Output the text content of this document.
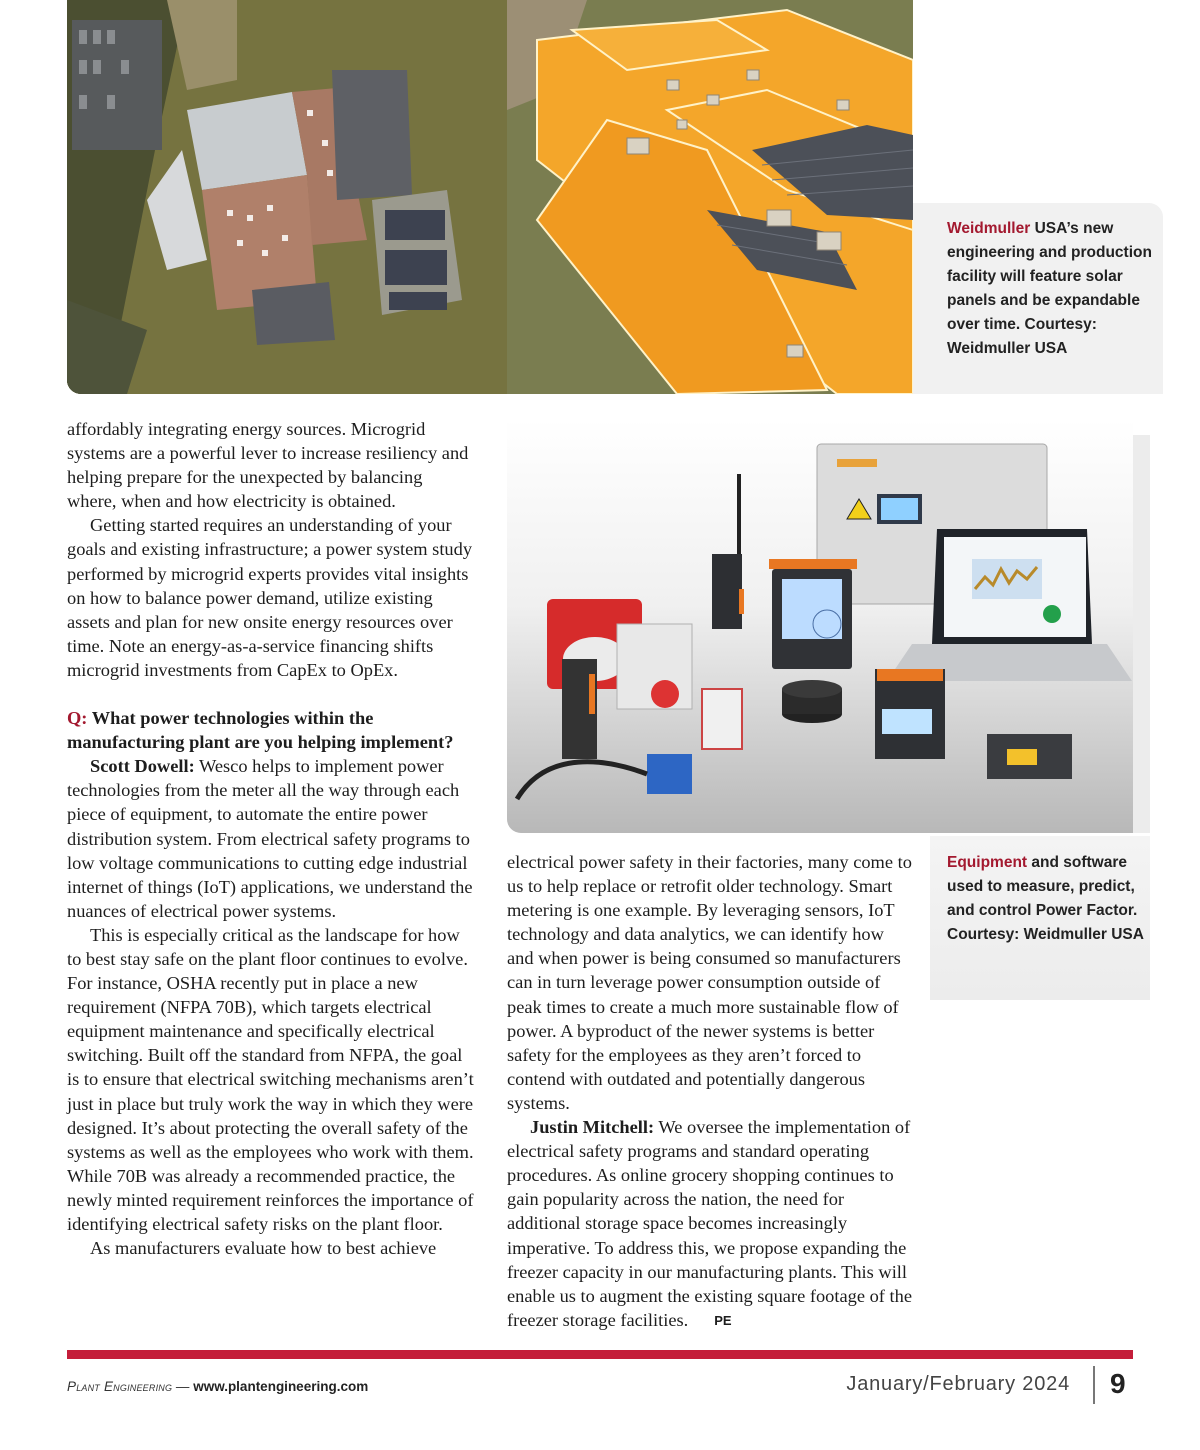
Weidmuller USA’s new engineering and production facility will feature solar panels and be expandable over time. Courtesy: Weidmuller USA
Equipment and software used to measure, predict, and control Power Factor. Courtesy: Weidmuller USA

affordably integrating energy sources. Microgrid systems are a powerful lever to increase resiliency and helping prepare for the unexpected by balancing where, when and how electricity is obtained.

Getting started requires an understanding of your goals and existing infrastructure; a power system study performed by microgrid experts provides vital insights on how to balance power demand, utilize existing assets and plan for new onsite energy resources over time. Note an energy-as-a-service financing shifts microgrid investments from CapEx to OpEx.

Q: What power technologies within the manufacturing plant are you helping implement?

Scott Dowell: Wesco helps to implement power technologies from the meter all the way through each piece of equipment, to automate the entire power distribution system. From electrical safety programs to low voltage communications to cutting edge industrial internet of things (IoT) applications, we understand the nuances of electrical power systems.

This is especially critical as the landscape for how to best stay safe on the plant floor continues to evolve. For instance, OSHA recently put in place a new requirement (NFPA 70B), which targets electrical equipment maintenance and specifically electrical switching. Built off the standard from NFPA, the goal is to ensure that electrical switching mechanisms aren’t just in place but truly work the way in which they were designed. It’s about protecting the overall safety of the systems as well as the employees who work with them. While 70B was already a recommended practice, the newly minted requirement reinforces the importance of identifying electrical safety risks on the plant floor.

As manufacturers evaluate how to best achieve

electrical power safety in their factories, many come to us to help replace or retrofit older technology. Smart metering is one example. By leveraging sensors, IoT technology and data analytics, we can identify how and when power is being consumed so manufacturers can in turn leverage power consumption outside of peak times to create a much more sustainable flow of power. A byproduct of the newer systems is better safety for the employees as they aren’t forced to contend with outdated and potentially dangerous systems.

Justin Mitchell: We oversee the implementation of electrical safety programs and standard operating procedures. As online grocery shopping continues to gain popularity across the nation, the need for additional storage space becomes increasingly imperative. To address this, we propose expanding the freezer capacity in our manufacturing plants. This will enable us to augment the existing square footage of the freezer storage facilities. PE

Plant Engineering — www.plantengineering.com	January/February 2024 9
